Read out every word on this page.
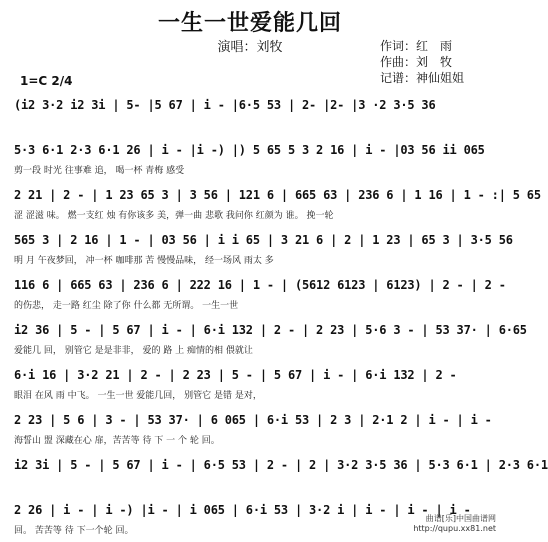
一生一世爱能几回
演唱：刘牧	作词：红　雨
作曲：刘　牧
记谱：神仙姐姐
1=C 2/4
(i2 3·2 i2 3i | 5- |5 67 | i - |6·5 53 | 2- |2- |3 ·2 3·5 36
5·3 6·1 2·3 6·1 26 | i - |i -) |) 5 65 5 3 2 16 | i - |03 56 ii 065
剪一段 时光 往事难 追， 喝一杯 青梅 感受
2 21 | 2 - | 1 23 65 3 | 3 56 | 121 6 | 665 63 | 236 6 | 1 16 | 1 - :| 5 65
涩 涩滋 味。 燃一支红 烛 有你该多 美，弹一曲 悲歌 我问你 红颜为 谁。 挽一轮
565 3 | 2 16 | 1 - | 03 56 | i i 65 | 3 21 6 | 2 | 1 23 | 65 3 | 3·5 56
明 月 午夜梦回， 冲一杯 咖啡那 苦 慢慢品味， 经一场风 雨太 多
116 6 | 665 63 | 236 6 | 222 16 | 1 - | (5612 6123 | 6123) | 2 - | 2 -
的伤悲， 走一路 红尘 除了你 什么都 无所谓。 一生一世
i2 36 | 5 - | 5 67 | i - | 6·i 132 | 2 - | 2 23 | 5·6 3 - | 53 37· | 6·65
爱能几 回， 别管它 是是非非， 爱的 路 上 痴情的相 偎就让
6·i 16 | 3·2 21 | 2 - | 2 23 | 5 - | 5 67 | i - | 6·i 132 | 2 -
眼泪 在风 雨 中飞。 一生一世 爱能几回， 别管它 是错 是对，
2 23 | 5 6 | 3 - | 53 37· | 6 065 | 6·i 53 | 2 3 | 2·1 2 | i - | i -
海誓山 盟 深藏在心 扉，苦苦等 待 下 一 个 轮 回。
i2 3i | 5 - | 5 67 | i - | 6·5 53 | 2 - | 2 | 3·2 3·5 36 | 5·3 6·1 | 2·3 6·1
2 26 | i - | i -) |i - | i 065 | 6·i 53 | 3·2 i | i - | i - | i -
回。 苦苦等 待 下一个轮 回。
曲谱[乐]中国曲谱网
http://qupu.xx81.net
